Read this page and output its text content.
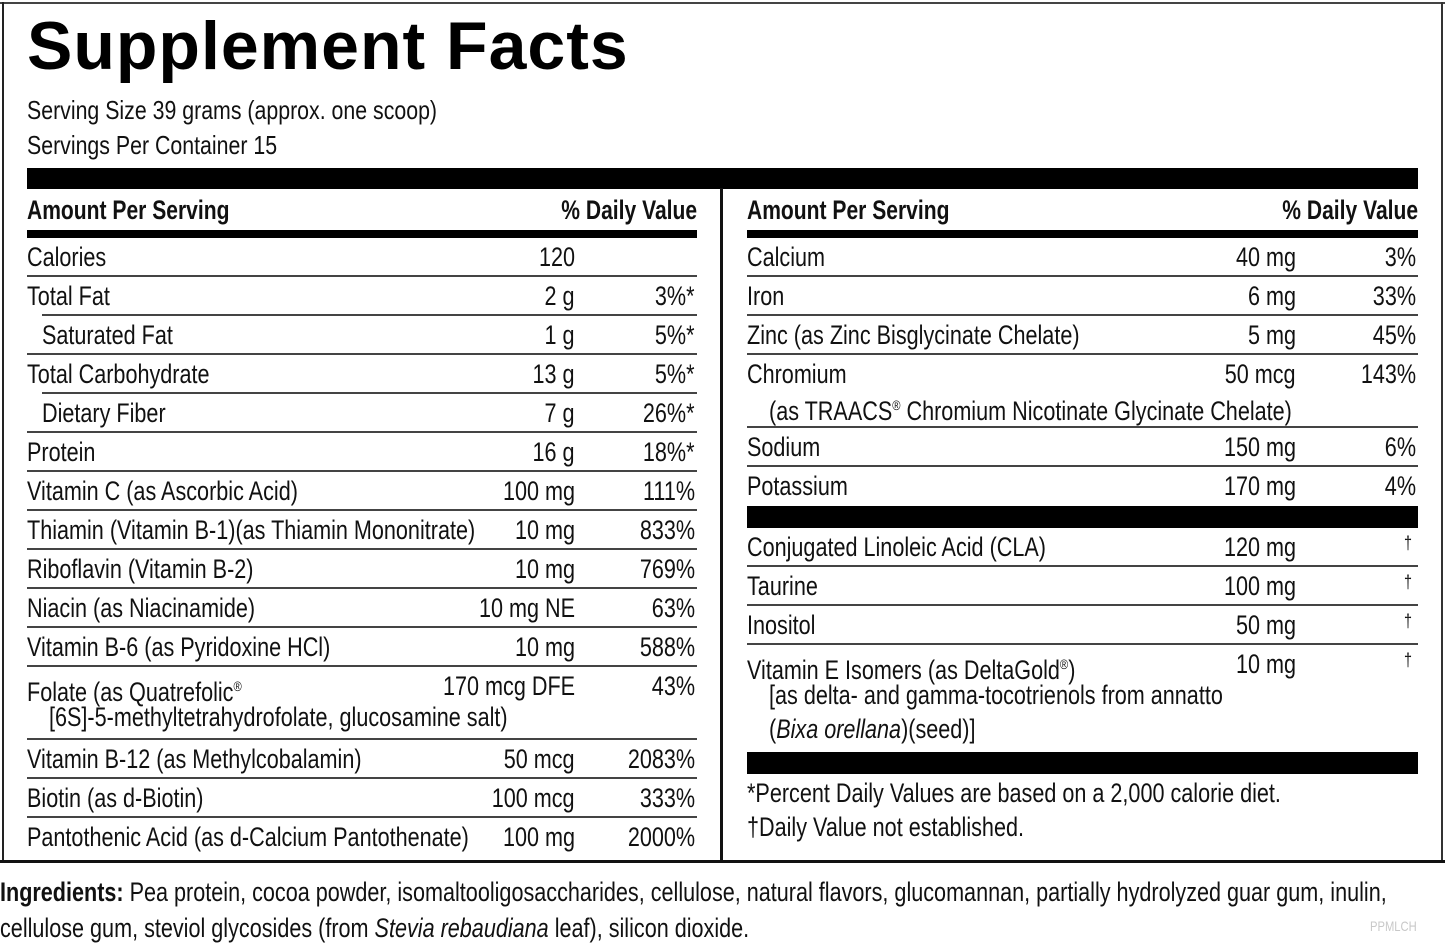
Supplement Facts
Serving Size 39 grams (approx. one scoop)
Servings Per Container 15
Amount Per Serving	% Daily Value
Calories	120
Total Fat	2 g	3%*
Saturated Fat	1 g	5%*
Total Carbohydrate	13 g	5%*
Dietary Fiber	7 g	26%*
Protein	16 g	18%*
Vitamin C (as Ascorbic Acid)	100 mg	111%
Thiamin (Vitamin B-1)(as Thiamin Mononitrate) 10 mg 833%
Riboflavin (Vitamin B-2)	10 mg 769%
Niacin (as Niacinamide)	10 mg NE	63%
Vitamin B-6 (as Pyridoxine HCl)	10 mg 588%
Folate (as Quatrefolic®
[6S]-5-methyltetrahydrofolate, glucosamine salt)
170 mcg DFE	43%
Vitamin B-12 (as Methylcobalamin)	50 mcg 2083%
Biotin (as d-Biotin)	100 mcg 333%
Pantothenic Acid (as d-Calcium Pantothenate) 100 mg 2000%
Amount Per Serving	% Daily Value
Calcium	40 mg	3%
Iron	6 mg	33%
Zinc (as Zinc Bisglycinate Chelate)	5 mg	45%
Chromium
(as TRAACS® Chromium Nicotinate Glycinate Chelate)
50 mcg 143%
Sodium	150 mg	6%
Potassium	170 mg	4%
Conjugated Linoleic Acid (CLA)	120 mg	†
Taurine	100 mg	†
Inositol	50 mg	†
Vitamin E Isomers (as DeltaGold®)
[as delta- and gamma-tocotrienols from annatto
(Bixa orellana)(seed)]
10 mg	†
*Percent Daily Values are based on a 2,000 calorie diet.
†Daily Value not established.
Ingredients: Pea protein, cocoa powder, isomaltooligosaccharides, cellulose, natural flavors, glucomannan, partially hydrolyzed guar gum, inulin,
cellulose gum, steviol glycosides (from Stevia rebaudiana leaf), silicon dioxide.	PPMLCH
